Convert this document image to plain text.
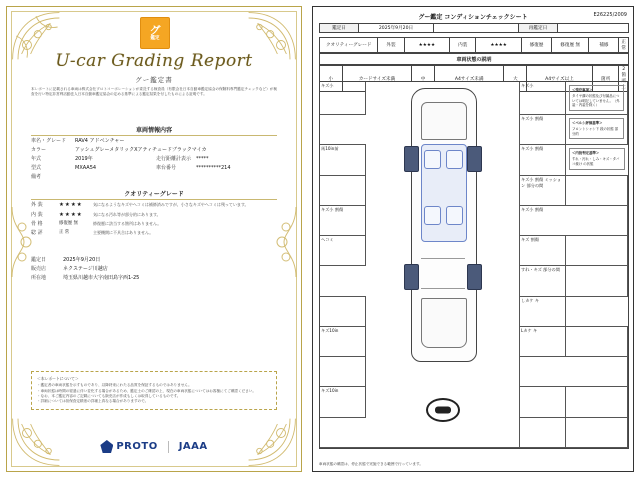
グ
鑑定
U-car Grading Report
グー鑑定書
本レポートに記載される車両は株式会社プロトコーポレーションが委託する検査員（有限会社日本自動車鑑定協会の保険料専門鑑定チェックなど）が検査を行い特定非営利活動法人日本自動車鑑定協会の定める基準による鑑定結果を付したものによる証明です。
車両情報内容
車名・グレード	RAV4 アドベンチャー
カラー	アッシュグレーメタリックXアティチュードブラックマイカ
年式	2019年	走行距離計表示 *****
型式	MXAA54	車台番号	**********214
備考
クオリティーグレード
外 装	★★★★	気になるようなキズやヘコミは補修済みですが、小さなキズやヘコミは残っています。
内 装	★★★★	気になる汚れ等が部分的にあります。
骨 格	修復歴 無	修復歴に該当する箇所はありません。
総 評	正 常	主要機関に不具合はありません。
鑑定日	2025年9月20日
販売店	ネクステージ川越店
所在地	埼玉県川越市大字南田島字西1-25
＜本レポートについて＞
・鑑定者の車両状態を示すものであり、以降将来にわたる品質を保証するものではありません。
・車両状態は時間の経過に伴い変化する場合があるため、鑑定士のご確認の上、現在の車両状態についてはお客様にてご確認ください。
・なお、本ご鑑定内容のご記載についても販売店が作成もしくは取得しているものです。
・詳細については担保査定精度の詳細上真なる場合がありますので。
PROTO JAAA
グー鑑定 コンディションチェックシート	E26225/2009
鑑定日	2025年9月20日		再鑑定日	
クオリティーグレード	外装	★★★★	内装	★★★★	修復歴	修復歴 無	補修	正常
車両状態の説明
小	カードサイズ未満	中	A4サイズ未満	大	A4サイズ以上	箇所	2箇所上
キズ小	キズ小
＜残存事項＞
タイヤ溝の状態及び付属品については明記していません。（外装・内装を除く）
キズ小 割傷
＜ベルシ評価基準＞
フロントシャシ下 段の状態 部分的
馬10in前	キズ小 割傷
＜内装判定基準＞
すれ・汚れ・しみ・キズ・タバコ焼け の状態
キズ小 割傷 ミッション 部分の間
キズ小 割傷	キズ小 割傷
ヘコミ	キズ 割傷
すれ・キズ 部分の間
しカケ キ
キズ10in	Lカケ キ
キズ10in
車両状態の確認は、停止状態で実施できる範囲で行っています。
